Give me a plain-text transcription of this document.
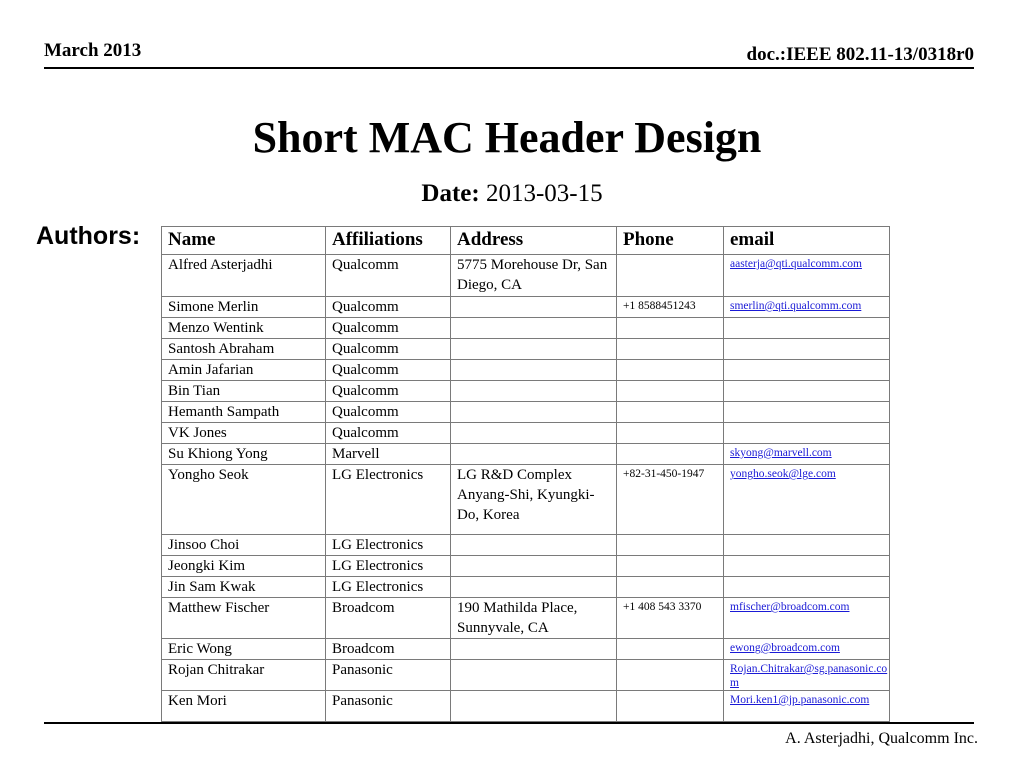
March 2013	doc.:IEEE 802.11-13/0318r0
Short MAC Header Design
Date: 2013-03-15
Authors: Name	Affiliations	Address	Phone	email
Alfred Asterjadhi	Qualcomm	5775 Morehouse Dr, San Diego, CA		aasterja@qti.qualcomm.com

Simone Merlin	Qualcomm		+1 8588451243	smerlin@qti.qualcomm.com

Menzo Wentink	Qualcomm			
Santosh Abraham	Qualcomm			
Amin Jafarian	Qualcomm			
Bin Tian	Qualcomm			
Hemanth Sampath	Qualcomm			
VK Jones	Qualcomm			
Su Khiong Yong	Marvell			skyong@marvell.com

Yongho Seok	LG Electronics	LG R&D Complex Anyang-Shi, Kyungki-Do, Korea	+82-31-450-1947	yongho.seok@lge.com

Jinsoo Choi	LG Electronics			
Jeongki Kim	LG Electronics			
Jin Sam Kwak	LG Electronics			
Matthew Fischer	Broadcom	190 Mathilda Place, Sunnyvale, CA	+1 408 543 3370	mfischer@broadcom.com

Eric Wong	Broadcom			ewong@broadcom.com

Rojan Chitrakar	Panasonic			Rojan.Chitrakar@sg.panasonic.com

Ken Mori	Panasonic			Mori.ken1@jp.panasonic.com
A. Asterjadhi, Qualcomm Inc.
